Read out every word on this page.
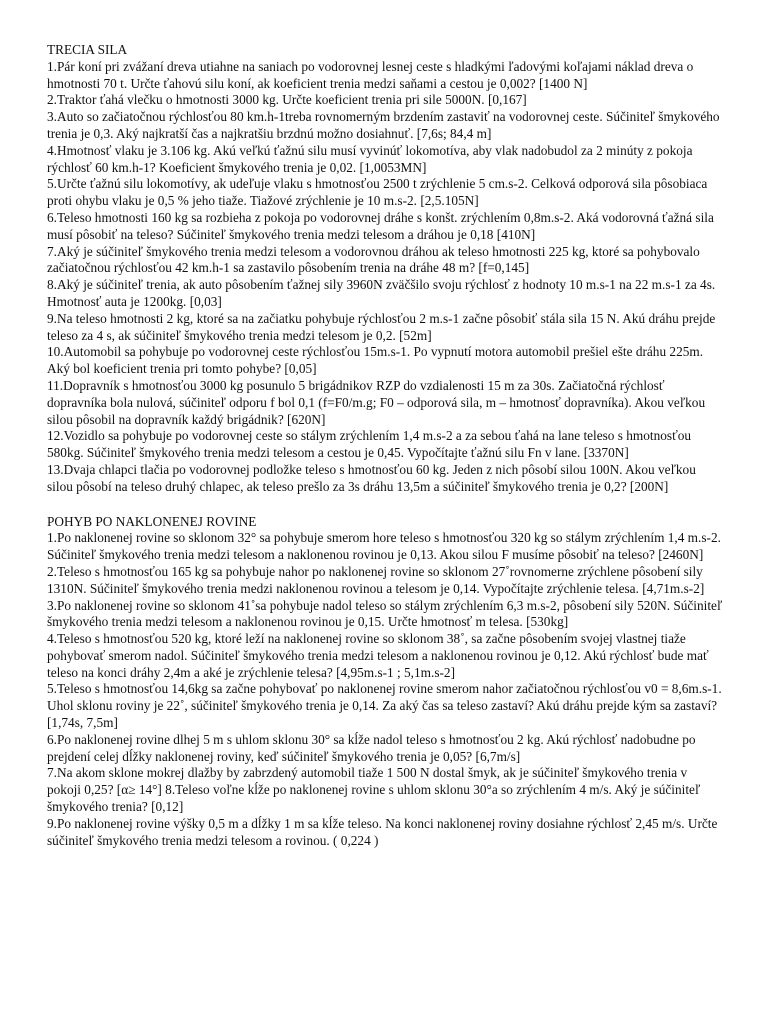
TRECIA SILA

1.Pár koní pri zvážaní dreva utiahne na saniach po vodorovnej lesnej ceste s hladkými ľadovými koľajami náklad dreva o hmotnosti 70 t. Určte ťahovú silu koní, ak koeficient trenia medzi saňami a cestou je 0,002? [1400 N]

2.Traktor ťahá vlečku o hmotnosti 3000 kg. Určte koeficient trenia pri sile 5000N. [0,167]

3.Auto so začiatočnou rýchlosťou 80 km.h-1treba rovnomerným brzdením zastaviť na vodorovnej ceste. Súčiniteľ šmykového trenia je 0,3. Aký najkratší čas a najkratšiu brzdnú možno dosiahnuť. [7,6s; 84,4 m]

4.Hmotnosť vlaku je 3.106 kg. Akú veľkú ťažnú silu musí vyvinúť lokomotíva, aby vlak nadobudol za 2 minúty z pokoja rýchlosť 60 km.h-1? Koeficient šmykového trenia je 0,02. [1,0053MN]

5.Určte ťažnú silu lokomotívy, ak udeľuje vlaku s hmotnosťou 2500 t zrýchlenie 5 cm.s-2. Celková odporová sila pôsobiaca proti ohybu vlaku je 0,5 % jeho tiaže. Tiažové zrýchlenie je 10 m.s-2. [2,5.105N]

6.Teleso hmotnosti 160 kg sa rozbieha z pokoja po vodorovnej dráhe s konšt. zrýchlením 0,8m.s-2. Aká vodorovná ťažná sila musí pôsobiť na teleso? Súčiniteľ šmykového trenia medzi telesom a dráhou je 0,18 [410N]

7.Aký je súčiniteľ šmykového trenia medzi telesom a vodorovnou dráhou ak teleso hmotnosti 225 kg, ktoré sa pohybovalo začiatočnou rýchlosťou 42 km.h-1 sa zastavilo pôsobením trenia na dráhe 48 m? [f=0,145]

8.Aký je súčiniteľ trenia, ak auto pôsobením ťažnej sily 3960N zväčšilo svoju rýchlosť z hodnoty 10 m.s-1 na 22 m.s-1 za 4s. Hmotnosť auta je 1200kg. [0,03]

9.Na teleso hmotnosti 2 kg, ktoré sa na začiatku pohybuje rýchlosťou 2 m.s-1 začne pôsobiť stála sila 15 N. Akú dráhu prejde teleso za 4 s, ak súčiniteľ šmykového trenia medzi telesom je 0,2. [52m]

10.Automobil sa pohybuje po vodorovnej ceste rýchlosťou 15m.s-1. Po vypnutí motora automobil prešiel ešte dráhu 225m. Aký bol koeficient trenia pri tomto pohybe? [0,05]

11.Dopravník s hmotnosťou 3000 kg posunulo 5 brigádnikov RZP do vzdialenosti 15 m za 30s. Začiatočná rýchlosť dopravníka bola nulová, súčiniteľ odporu f bol 0,1 (f=F0/m.g; F0 – odporová sila, m – hmotnosť dopravníka). Akou veľkou silou pôsobil na dopravník každý brigádnik? [620N]

12.Vozidlo sa pohybuje po vodorovnej ceste so stálym zrýchlením 1,4 m.s-2 a za sebou ťahá na lane teleso s hmotnosťou 580kg. Súčiniteľ šmykového trenia medzi telesom a cestou je 0,45. Vypočítajte ťažnú silu Fn v lane. [3370N]

13.Dvaja chlapci tlačia po vodorovnej podložke teleso s hmotnosťou 60 kg. Jeden z nich pôsobí silou 100N. Akou veľkou silou pôsobí na teleso druhý chlapec, ak teleso prešlo za 3s dráhu 13,5m a súčiniteľ šmykového trenia je 0,2? [200N]

POHYB PO NAKLONENEJ ROVINE

1.Po naklonenej rovine so sklonom 32° sa pohybuje smerom hore teleso s hmotnosťou 320 kg so stálym zrýchlením 1,4 m.s-2. Súčiniteľ šmykového trenia medzi telesom a naklonenou rovinou je 0,13. Akou silou F musíme pôsobiť na teleso? [2460N]

2.Teleso s hmotnosťou 165 kg sa pohybuje nahor po naklonenej rovine so sklonom 27˚rovnomerne zrýchlene pôsobení sily 1310N. Súčiniteľ šmykového trenia medzi naklonenou rovinou a telesom je 0,14. Vypočítajte zrýchlenie telesa. [4,71m.s-2]

3.Po naklonenej rovine so sklonom 41˚sa pohybuje nadol teleso so stálym zrýchlením 6,3 m.s-2, pôsobení sily 520N. Súčiniteľ šmykového trenia medzi telesom a naklonenou rovinou je 0,15. Určte hmotnosť m telesa. [530kg]

4.Teleso s hmotnosťou 520 kg, ktoré leží na naklonenej rovine so sklonom 38˚, sa začne pôsobením svojej vlastnej tiaže pohybovať smerom nadol. Súčiniteľ šmykového trenia medzi telesom a naklonenou rovinou je 0,12. Akú rýchlosť bude mať teleso na konci dráhy 2,4m a aké je zrýchlenie telesa? [4,95m.s-1 ; 5,1m.s-2]

5.Teleso s hmotnosťou 14,6kg sa začne pohybovať po naklonenej rovine smerom nahor začiatočnou rýchlosťou v0 = 8,6m.s-1. Uhol sklonu roviny je 22˚, súčiniteľ šmykového trenia je 0,14. Za aký čas sa teleso zastaví? Akú dráhu prejde kým sa zastaví? [1,74s, 7,5m]

6.Po naklonenej rovine dlhej 5 m s uhlom sklonu 30° sa kĺže nadol teleso s hmotnosťou 2 kg. Akú rýchlosť nadobudne po prejdení celej dĺžky naklonenej roviny, keď súčiniteľ šmykového trenia je 0,05? [6,7m/s]

7.Na akom sklone mokrej dlažby by zabrzdený automobil tiaže 1 500 N dostal šmyk, ak je súčiniteľ šmykového trenia v pokoji 0,25? [α≥ 14°] 8.Teleso voľne kĺže po naklonenej rovine s uhlom sklonu 30°a so zrýchlením 4 m/s. Aký je súčiniteľ šmykového trenia? [0,12]

9.Po naklonenej rovine výšky 0,5 m a dĺžky 1 m sa kĺže teleso. Na konci naklonenej roviny dosiahne rýchlosť 2,45 m/s. Určte súčiniteľ šmykového trenia medzi telesom a rovinou. ( 0,224 )
